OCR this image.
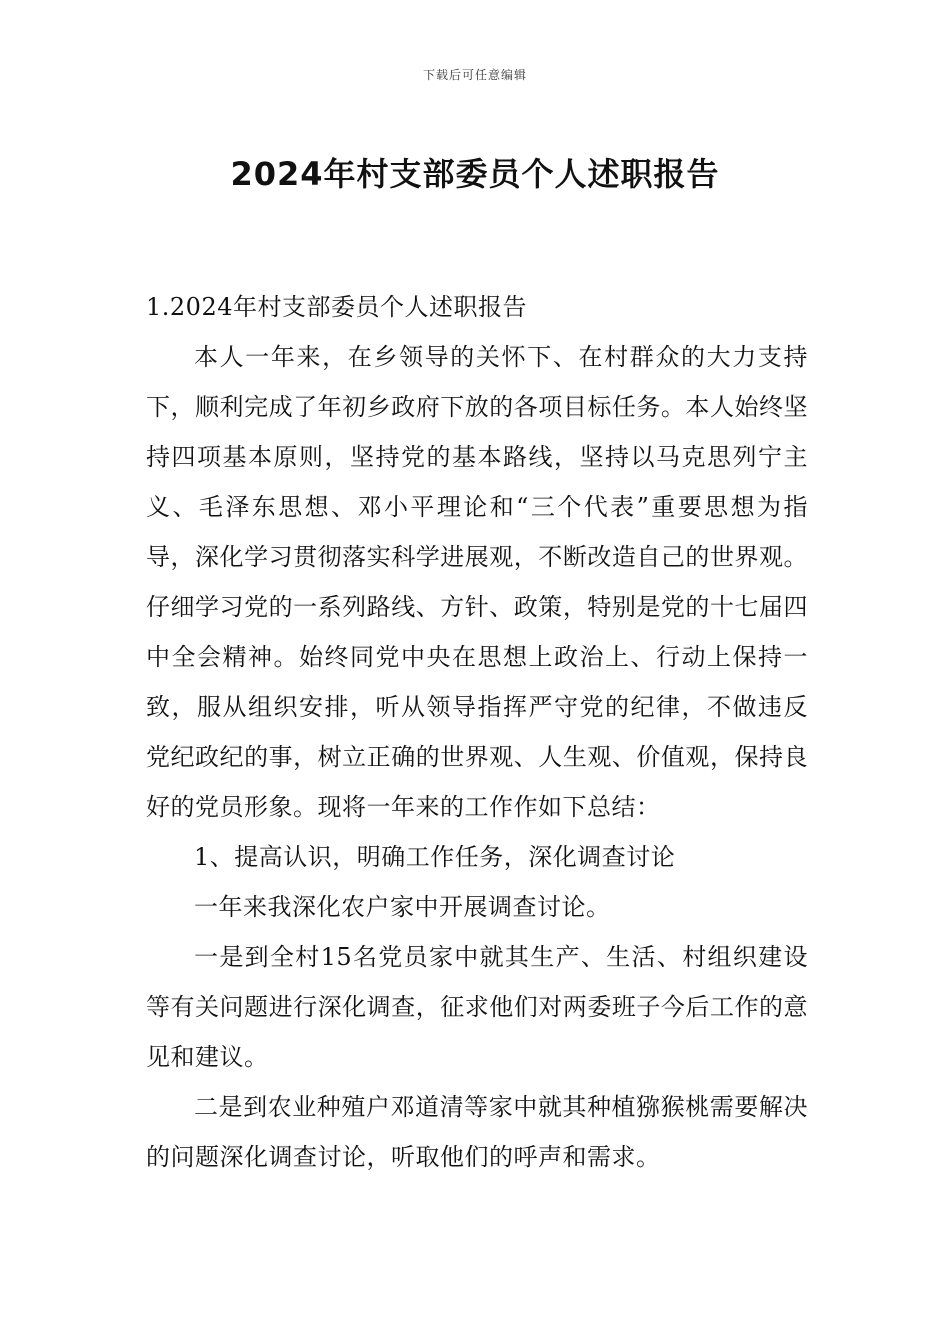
下载后可任意编辑
2024年村支部委员个人述职报告

1.2024年村支部委员个人述职报告

本人一年来，在乡领导的关怀下、在村群众的大力支持下，顺利完成了年初乡政府下放的各项目标任务。本人始终坚持四项基本原则，坚持党的基本路线，坚持以马克思列宁主义、毛泽东思想、邓小平理论和“三个代表”重要思想为指导，深化学习贯彻落实科学进展观，不断改造自己的世界观。仔细学习党的一系列路线、方针、政策，特别是党的十七届四中全会精神。始终同党中央在思想上政治上、行动上保持一致，服从组织安排，听从领导指挥严守党的纪律，不做违反 党纪政纪的事，树立正确的世界观、人生观、价值观，保持良好的党员形象。现将一年来的工作作如下总结：

1、提高认识，明确工作任务，深化调查讨论

一年来我深化农户家中开展调查讨论。

一是到全村15名党员家中就其生产、生活、村组织建设等有关问题进行深化调查，征求他们对两委班子今后工作的意见和建议。

二是到农业种殖户邓道清等家中就其种植猕猴桃需要解决的问题深化调查讨论，听取他们的呼声和需求。
